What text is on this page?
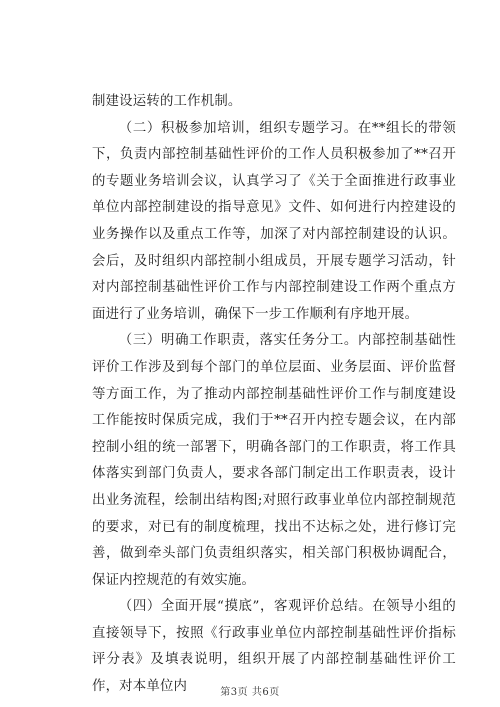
制建设运转的工作机制。

（二）积极参加培训，组织专题学习。在**组长的带领下，负责内部控制基础性评价的工作人员积极参加了**召开的专题业务培训会议，认真学习了《关于全面推进行政事业单位内部控制建设的指导意见》文件、如何进行内控建设的业务操作以及重点工作等，加深了对内部控制建设的认识。会后，及时组织内部控制小组成员，开展专题学习活动，针对内部控制基础性评价工作与内部控制建设工作两个重点方面进行了业务培训，确保下一步工作顺利有序地开展。

（三）明确工作职责，落实任务分工。内部控制基础性评价工作涉及到每个部门的单位层面、业务层面、评价监督等方面工作，为了推动内部控制基础性评价工作与制度建设工作能按时保质完成，我们于**召开内控专题会议，在内部控制小组的统一部署下，明确各部门的工作职责，将工作具体落实到部门负责人，要求各部门制定出工作职责表，设计出业务流程，绘制出结构图;对照行政事业单位内部控制规范的要求，对已有的制度梳理，找出不达标之处，进行修订完善，做到牵头部门负责组织落实，相关部门积极协调配合，保证内控规范的有效实施。

（四）全面开展“摸底”，客观评价总结。在领导小组的直接领导下，按照《行政事业单位内部控制基础性评价指标评分表》及填表说明，组织开展了内部控制基础性评价工作，对本单位内	第3页 共6页
